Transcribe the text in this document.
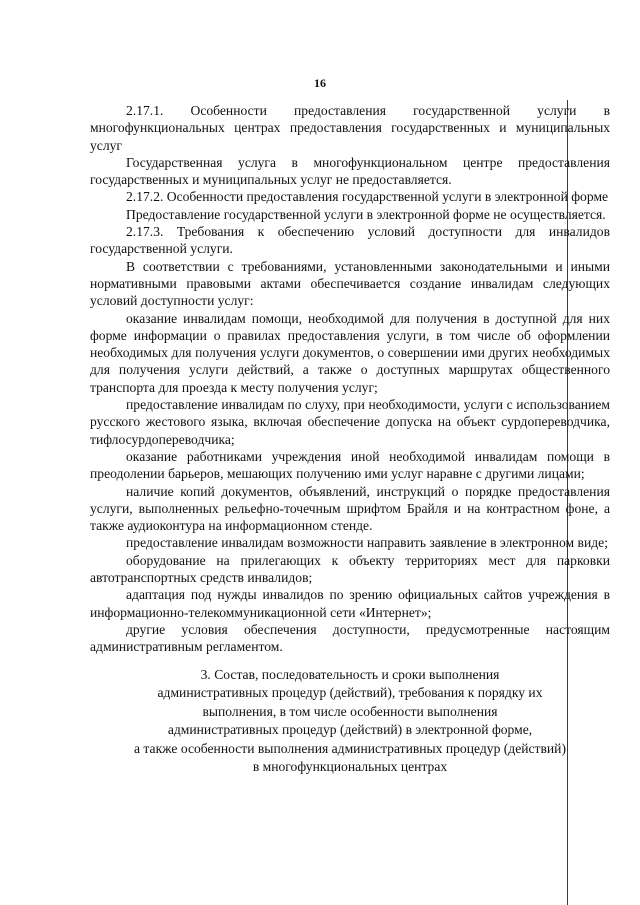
16

2.17.1. Особенности предоставления государственной услуги в многофункциональных центрах предоставления государственных и муниципальных услуг

Государственная услуга в многофункциональном центре предоставления государственных и муниципальных услуг не предоставляется.

2.17.2. Особенности предоставления государственной услуги в электронной форме

Предоставление государственной услуги в электронной форме не осуществляется.

2.17.3. Требования к обеспечению условий доступности для инвалидов государственной услуги.

В соответствии с требованиями, установленными законодательными и иными нормативными правовыми актами обеспечивается создание инвалидам следующих условий доступности услуг:

оказание инвалидам помощи, необходимой для получения в доступной для них форме информации о правилах предоставления услуги, в том числе об оформлении необходимых для получения услуги документов, о совершении ими других необходимых для получения услуги действий, а также о доступных маршрутах общественного транспорта для проезда к месту получения услуг;

предоставление инвалидам по слуху, при необходимости, услуги с использованием русского жестового языка, включая обеспечение допуска на объект сурдопереводчика, тифлосурдопереводчика;

оказание работниками учреждения иной необходимой инвалидам помощи в преодолении барьеров, мешающих получению ими услуг наравне с другими лицами;

наличие копий документов, объявлений, инструкций о порядке предоставления услуги, выполненных рельефно-точечным шрифтом Брайля и на контрастном фоне, а также аудиоконтура на информационном стенде.

предоставление инвалидам возможности направить заявление в электронном виде;

оборудование на прилегающих к объекту территориях мест для парковки автотранспортных средств инвалидов;

адаптация под нужды инвалидов по зрению официальных сайтов учреждения в информационно-телекоммуникационной сети «Интернет»;

другие условия обеспечения доступности, предусмотренные настоящим административным регламентом.

3. Состав, последовательность и сроки выполнения
административных процедур (действий), требования к порядку их
выполнения, в том числе особенности выполнения
административных процедур (действий) в электронной форме,
а также особенности выполнения административных процедур (действий)
в многофункциональных центрах
